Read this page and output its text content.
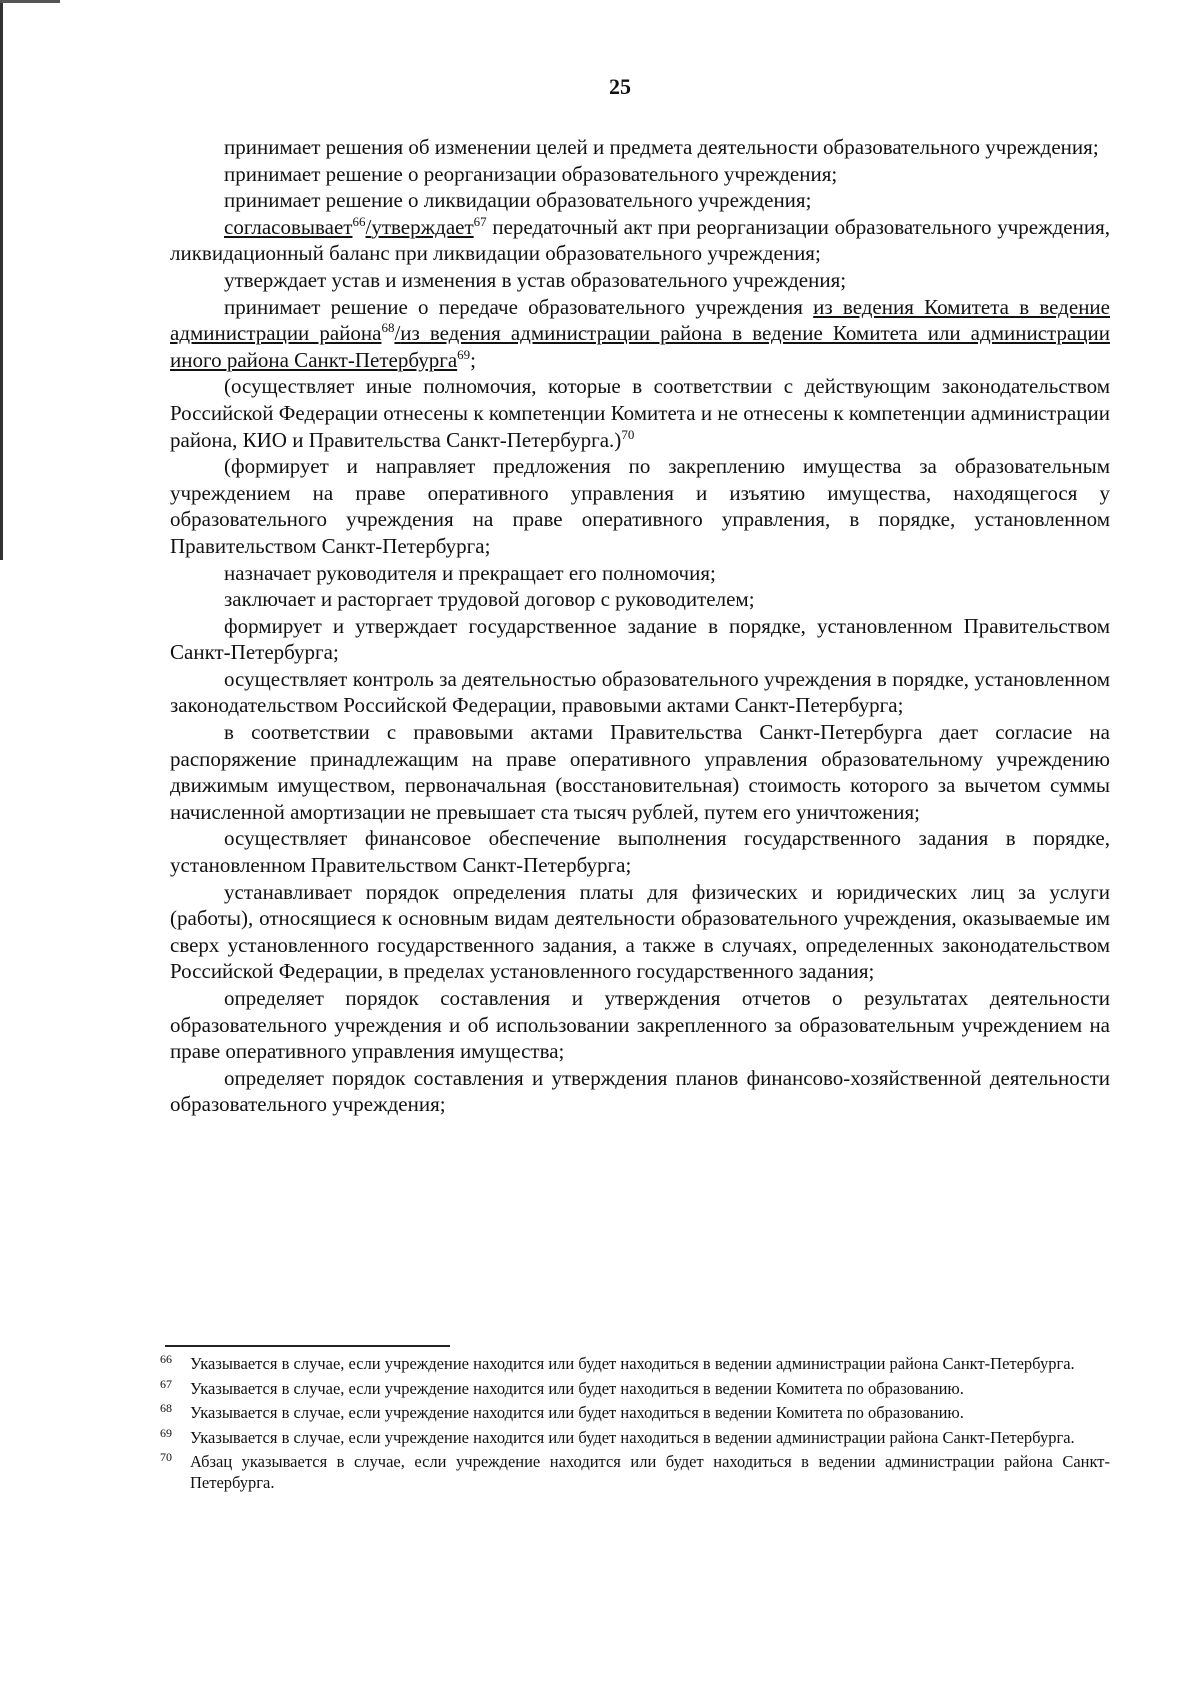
25

принимает решения об изменении целей и предмета деятельности образовательного учреждения;

принимает решение о реорганизации образовательного учреждения;

принимает решение о ликвидации образовательного учреждения;

согласовывает$^{66}$/утверждает$^{67}$ передаточный акт при реорганизации образовательного учреждения, ликвидационный баланс при ликвидации образовательного учреждения;

утверждает устав и изменения в устав образовательного учреждения;

принимает решение о передаче образовательного учреждения из ведения Комитета в ведение администрации района$^{68}$/из ведения администрации района в ведение Комитета или администрации иного района Санкт-Петербурга$^{69}$;

(осуществляет иные полномочия, которые в соответствии с действующим законодательством Российской Федерации отнесены к компетенции Комитета и не отнесены к компетенции администрации района, КИО и Правительства Санкт-Петербурга.)$^{70}$

(формирует и направляет предложения по закреплению имущества за образовательным учреждением на праве оперативного управления и изъятию имущества, находящегося у образовательного учреждения на праве оперативного управления, в порядке, установленном Правительством Санкт-Петербурга;

назначает руководителя и прекращает его полномочия;

заключает и расторгает трудовой договор с руководителем;

формирует и утверждает государственное задание в порядке, установленном Правительством Санкт-Петербурга;

осуществляет контроль за деятельностью образовательного учреждения в порядке, установленном законодательством Российской Федерации, правовыми актами Санкт-Петербурга;

в соответствии с правовыми актами Правительства Санкт-Петербурга дает согласие на распоряжение принадлежащим на праве оперативного управления образовательному учреждению движимым имуществом, первоначальная (восстановительная) стоимость которого за вычетом суммы начисленной амортизации не превышает ста тысяч рублей, путем его уничтожения;

осуществляет финансовое обеспечение выполнения государственного задания в порядке, установленном Правительством Санкт-Петербурга;

устанавливает порядок определения платы для физических и юридических лиц за услуги (работы), относящиеся к основным видам деятельности образовательного учреждения, оказываемые им сверх установленного государственного задания, а также в случаях, определенных законодательством Российской Федерации, в пределах установленного государственного задания;

определяет порядок составления и утверждения отчетов о результатах деятельности образовательного учреждения и об использовании закрепленного за образовательным учреждением на праве оперативного управления имущества;

определяет порядок составления и утверждения планов финансово-хозяйственной деятельности образовательного учреждения;

66 Указывается в случае, если учреждение находится или будет находиться в ведении администрации района Санкт-Петербурга.
67 Указывается в случае, если учреждение находится или будет находиться в ведении Комитета по образованию.
68 Указывается в случае, если учреждение находится или будет находиться в ведении Комитета по образованию.
69 Указывается в случае, если учреждение находится или будет находиться в ведении администрации района Санкт-Петербурга.
70 Абзац указывается в случае, если учреждение находится или будет находиться в ведении администрации района Санкт-Петербурга.
